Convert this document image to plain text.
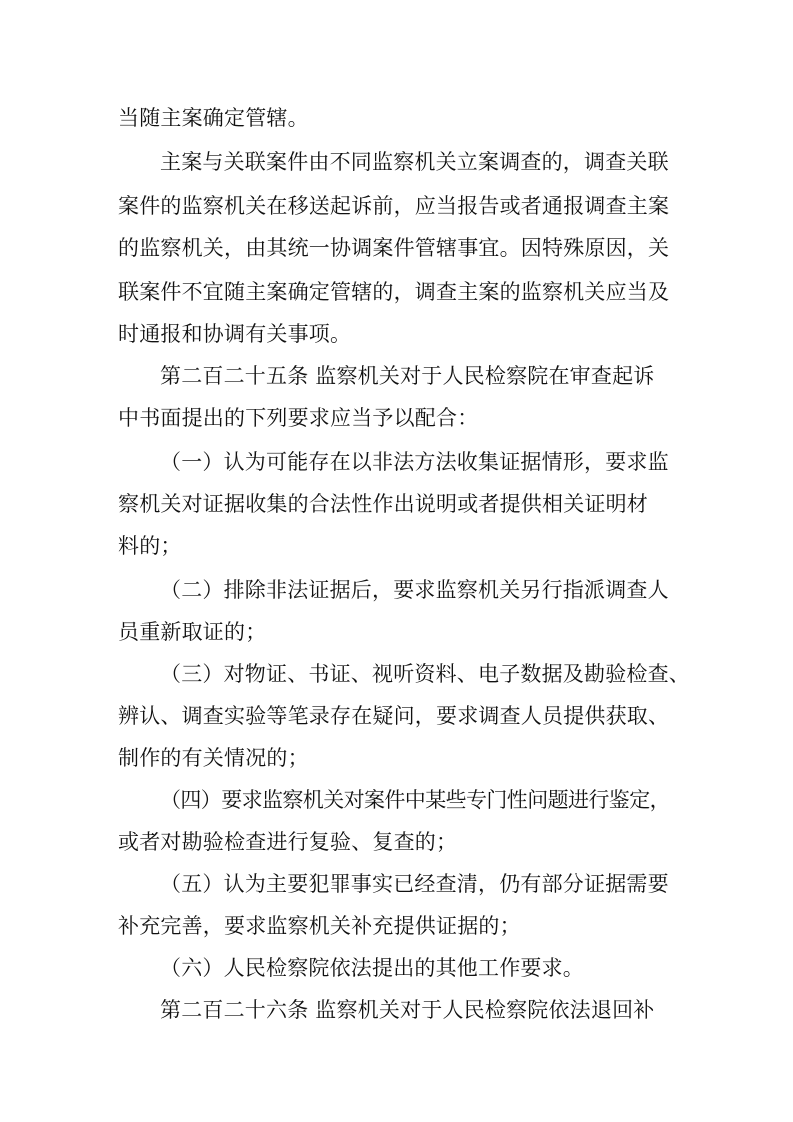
当随主案确定管辖。
主案与关联案件由不同监察机关立案调查的，调查关联
案件的监察机关在移送起诉前，应当报告或者通报调查主案
的监察机关，由其统一协调案件管辖事宜。因特殊原因，关
联案件不宜随主案确定管辖的，调查主案的监察机关应当及
时通报和协调有关事项。
第二百二十五条 监察机关对于人民检察院在审查起诉
中书面提出的下列要求应当予以配合：
（一）认为可能存在以非法方法收集证据情形，要求监
察机关对证据收集的合法性作出说明或者提供相关证明材
料的；
（二）排除非法证据后，要求监察机关另行指派调查人
员重新取证的；
（三）对物证、书证、视听资料、电子数据及勘验检查、
辨认、调查实验等笔录存在疑问，要求调查人员提供获取、
制作的有关情况的；
（四）要求监察机关对案件中某些专门性问题进行鉴定，
或者对勘验检查进行复验、复查的；
（五）认为主要犯罪事实已经查清，仍有部分证据需要
补充完善，要求监察机关补充提供证据的；
（六）人民检察院依法提出的其他工作要求。
第二百二十六条 监察机关对于人民检察院依法退回补
